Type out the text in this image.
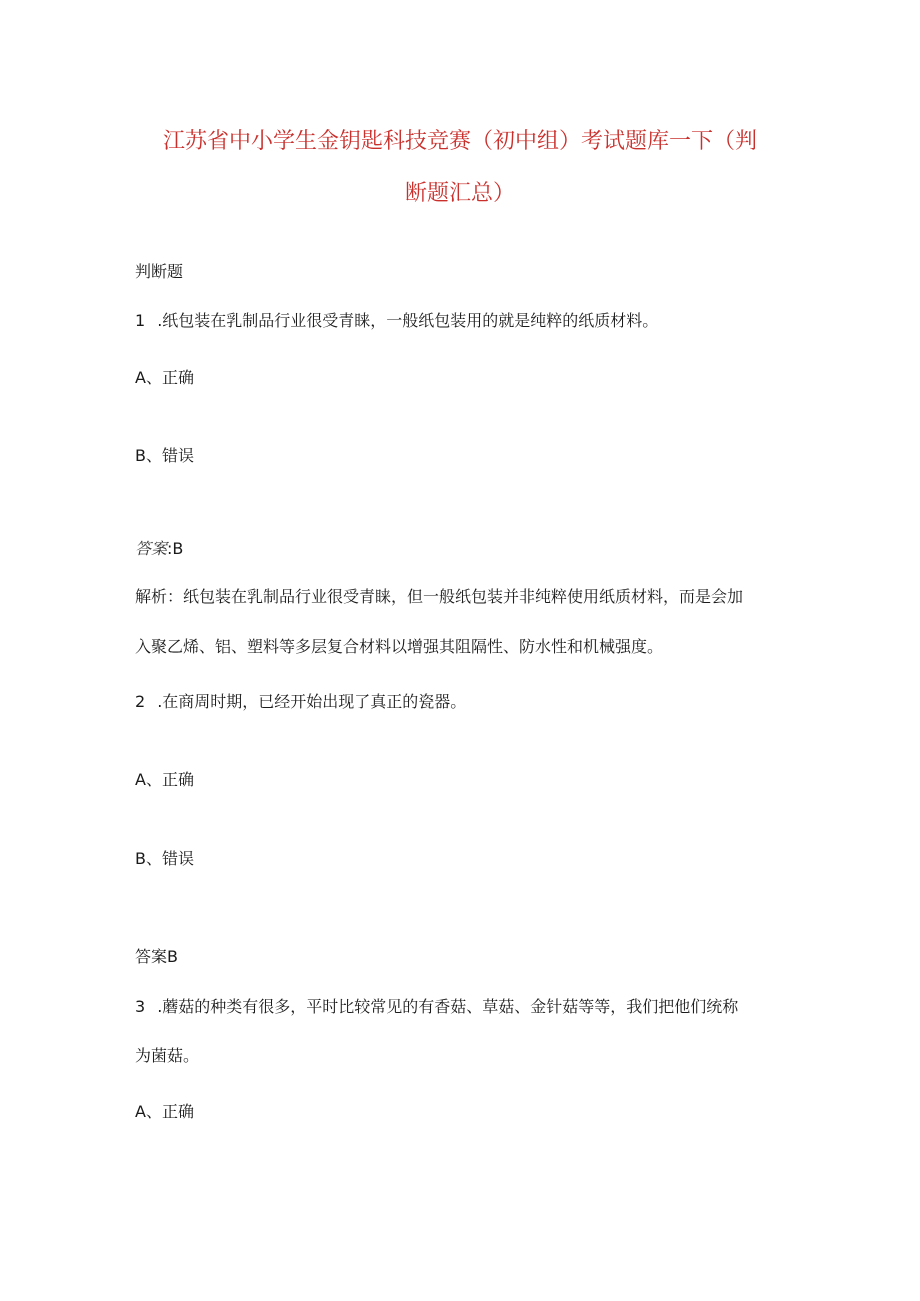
江苏省中小学生金钥匙科技竞赛（初中组）考试题库一下（判
断题汇总）
判断题
1 .纸包装在乳制品行业很受青睐，一般纸包装用的就是纯粹的纸质材料。
A、正确
B、错误
答案:B
解析：纸包装在乳制品行业很受青睐，但一般纸包装并非纯粹使用纸质材料，而是会加
入聚乙烯、铝、塑料等多层复合材料以增强其阻隔性、防水性和机械强度。
2 .在商周时期，已经开始出现了真正的瓷器。
A、正确
B、错误
答案B
3 .蘑菇的种类有很多，平时比较常见的有香菇、草菇、金针菇等等，我们把他们统称
为菌菇。
A、正确
